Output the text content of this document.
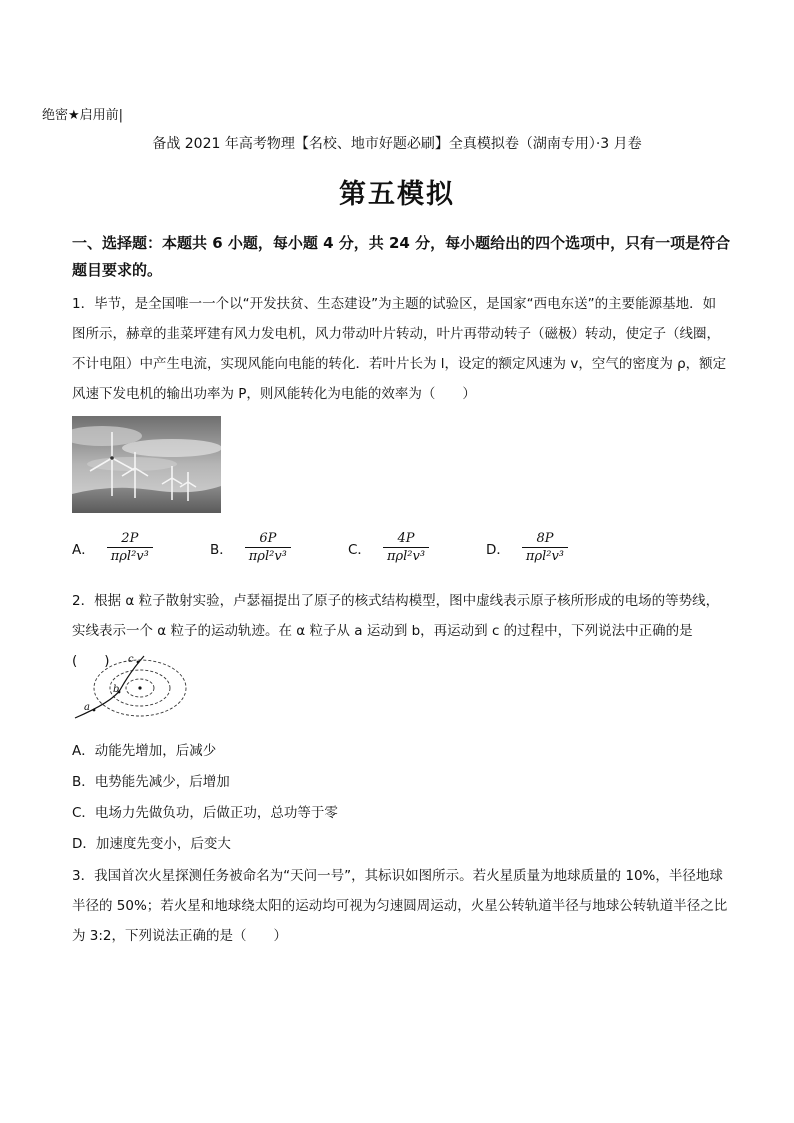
绝密★启用前|
备战 2021 年高考物理【名校、地市好题必刷】全真模拟卷（湖南专用）·3 月卷
第五模拟
一、选择题：本题共 6 小题，每小题 4 分，共 24 分，每小题给出的四个选项中，只有一项是符合题目要求的。
1．毕节，是全国唯一一个以“开发扶贫、生态建设”为主题的试验区，是国家“西电东送”的主要能源基地．如图所示，赫章的韭菜坪建有风力发电机，风力带动叶片转动，叶片再带动转子（磁极）转动，使定子（线圈，不计电阻）中产生电流，实现风能向电能的转化．若叶片长为 l，设定的额定风速为 v，空气的密度为 ρ，额定风速下发电机的输出功率为 P，则风能转化为电能的效率为（　　）
A． $\frac{2P}{\text{πρl²v³}}$	B． $\frac{6P}{\text{πρl²v³}}$	C． $\frac{4P}{\text{πρl²v³}}$	D． $\frac{8P}{\text{πρl²v³}}$
2．根据 α 粒子散射实验，卢瑟福提出了原子的核式结构模型，图中虚线表示原子核所形成的电场的等势线，实线表示一个 α 粒子的运动轨迹。在 α 粒子从 a 运动到 b，再运动到 c 的过程中，下列说法中正确的是(　　)
a
b
c
A．动能先增加，后减少
B．电势能先减少，后增加
C．电场力先做负功，后做正功，总功等于零
D．加速度先变小，后变大
3．我国首次火星探测任务被命名为“天问一号”，其标识如图所示。若火星质量为地球质量的 10%，半径地球半径的 50%；若火星和地球绕太阳的运动均可视为匀速圆周运动，火星公转轨道半径与地球公转轨道半径之比为 3:2，下列说法正确的是（　　）
